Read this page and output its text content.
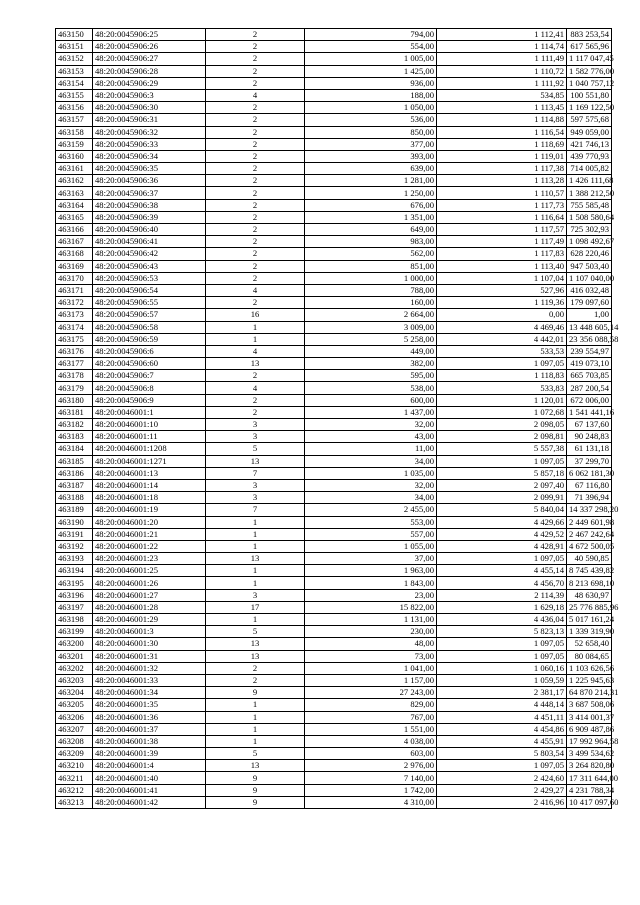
463150	48:20:0045906:25	2	794,00	1 112,41	883 253,54
463151	48:20:0045906:26	2	554,00	1 114,74	617 565,96
463152	48:20:0045906:27	2	1 005,00	1 111,49	1 117 047,45
463153	48:20:0045906:28	2	1 425,00	1 110,72	1 582 776,00
463154	48:20:0045906:29	2	936,00	1 111,92	1 040 757,12
463155	48:20:0045906:3	4	188,00	534,85	100 551,80
463156	48:20:0045906:30	2	1 050,00	1 113,45	1 169 122,50
463157	48:20:0045906:31	2	536,00	1 114,88	597 575,68
463158	48:20:0045906:32	2	850,00	1 116,54	949 059,00
463159	48:20:0045906:33	2	377,00	1 118,69	421 746,13
463160	48:20:0045906:34	2	393,00	1 119,01	439 770,93
463161	48:20:0045906:35	2	639,00	1 117,38	714 005,82
463162	48:20:0045906:36	2	1 281,00	1 113,28	1 426 111,68
463163	48:20:0045906:37	2	1 250,00	1 110,57	1 388 212,50
463164	48:20:0045906:38	2	676,00	1 117,73	755 585,48
463165	48:20:0045906:39	2	1 351,00	1 116,64	1 508 580,64
463166	48:20:0045906:40	2	649,00	1 117,57	725 302,93
463167	48:20:0045906:41	2	983,00	1 117,49	1 098 492,67
463168	48:20:0045906:42	2	562,00	1 117,83	628 220,46
463169	48:20:0045906:43	2	851,00	1 113,40	947 503,40
463170	48:20:0045906:53	2	1 000,00	1 107,04	1 107 040,00
463171	48:20:0045906:54	4	788,00	527,96	416 032,48
463172	48:20:0045906:55	2	160,00	1 119,36	179 097,60
463173	48:20:0045906:57	16	2 664,00	0,00	1,00
463174	48:20:0045906:58	1	3 009,00	4 469,46	13 448 605,14
463175	48:20:0045906:59	1	5 258,00	4 442,01	23 356 088,58
463176	48:20:0045906:6	4	449,00	533,53	239 554,97
463177	48:20:0045906:60	13	382,00	1 097,05	419 073,10
463178	48:20:0045906:7	2	595,00	1 118,83	665 703,85
463179	48:20:0045906:8	4	538,00	533,83	287 200,54
463180	48:20:0045906:9	2	600,00	1 120,01	672 006,00
463181	48:20:0046001:1	2	1 437,00	1 072,68	1 541 441,16
463182	48:20:0046001:10	3	32,00	2 098,05	67 137,60
463183	48:20:0046001:11	3	43,00	2 098,81	90 248,83
463184	48:20:0046001:1208	5	11,00	5 557,38	61 131,18
463185	48:20:0046001:1271	13	34,00	1 097,05	37 299,70
463186	48:20:0046001:13	7	1 035,00	5 857,18	6 062 181,30
463187	48:20:0046001:14	3	32,00	2 097,40	67 116,80
463188	48:20:0046001:18	3	34,00	2 099,91	71 396,94
463189	48:20:0046001:19	7	2 455,00	5 840,04	14 337 298,20
463190	48:20:0046001:20	1	553,00	4 429,66	2 449 601,98
463191	48:20:0046001:21	1	557,00	4 429,52	2 467 242,64
463192	48:20:0046001:22	1	1 055,00	4 428,91	4 672 500,05
463193	48:20:0046001:23	13	37,00	1 097,05	40 590,85
463194	48:20:0046001:25	1	1 963,00	4 455,14	8 745 439,82
463195	48:20:0046001:26	1	1 843,00	4 456,70	8 213 698,10
463196	48:20:0046001:27	3	23,00	2 114,39	48 630,97
463197	48:20:0046001:28	17	15 822,00	1 629,18	25 776 885,96
463198	48:20:0046001:29	1	1 131,00	4 436,04	5 017 161,24
463199	48:20:0046001:3	5	230,00	5 823,13	1 339 319,90
463200	48:20:0046001:30	13	48,00	1 097,05	52 658,40
463201	48:20:0046001:31	13	73,00	1 097,05	80 084,65
463202	48:20:0046001:32	2	1 041,00	1 060,16	1 103 626,56
463203	48:20:0046001:33	2	1 157,00	1 059,59	1 225 945,63
463204	48:20:0046001:34	9	27 243,00	2 381,17	64 870 214,31
463205	48:20:0046001:35	1	829,00	4 448,14	3 687 508,06
463206	48:20:0046001:36	1	767,00	4 451,11	3 414 001,37
463207	48:20:0046001:37	1	1 551,00	4 454,86	6 909 487,86
463208	48:20:0046001:38	1	4 038,00	4 455,91	17 992 964,58
463209	48:20:0046001:39	5	603,00	5 803,54	3 499 534,62
463210	48:20:0046001:4	13	2 976,00	1 097,05	3 264 820,80
463211	48:20:0046001:40	9	7 140,00	2 424,60	17 311 644,00
463212	48:20:0046001:41	9	1 742,00	2 429,27	4 231 788,34
463213	48:20:0046001:42	9	4 310,00	2 416,96	10 417 097,60
